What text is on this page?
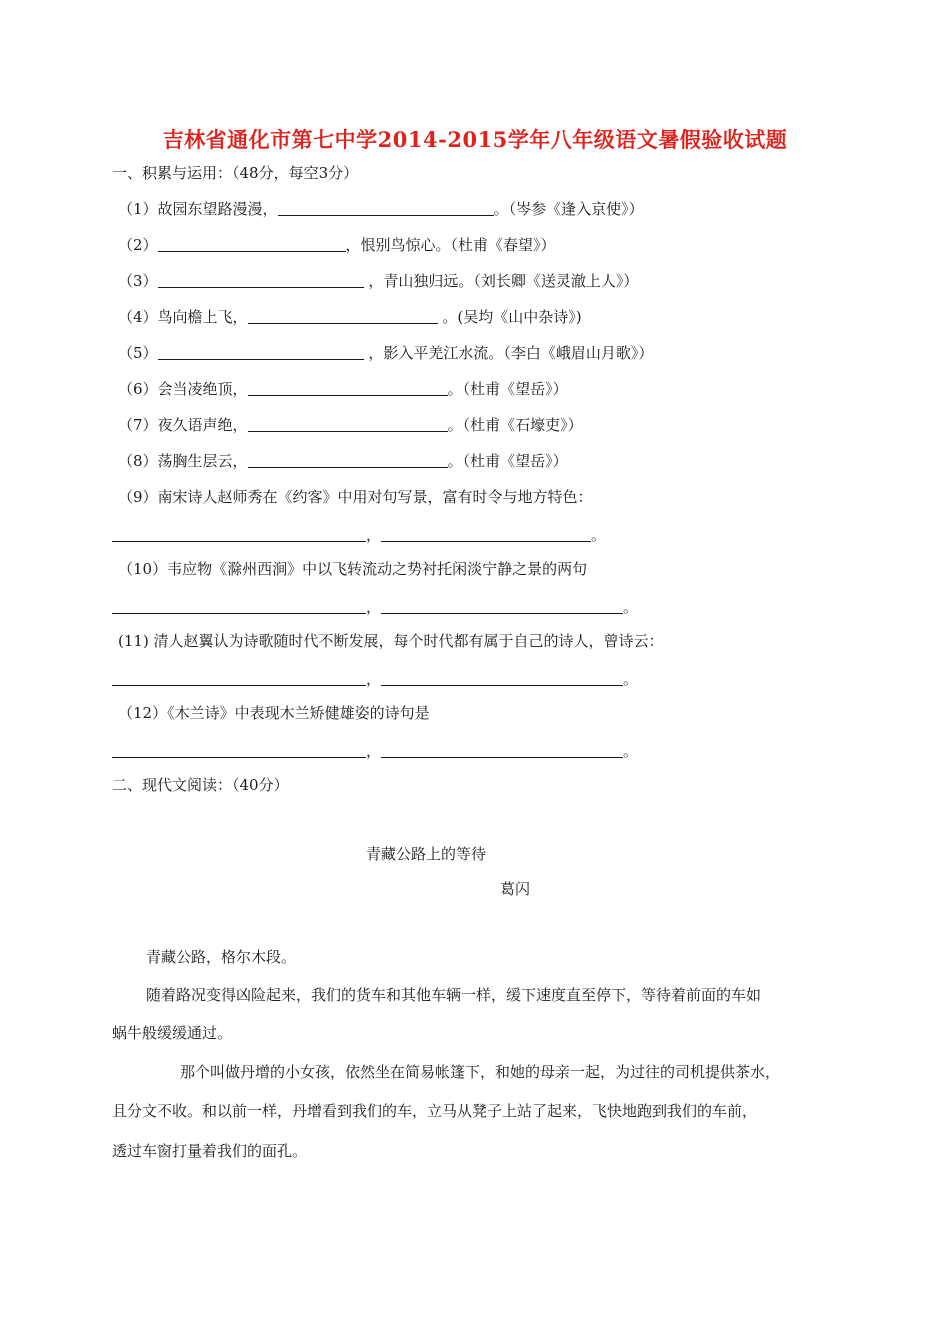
吉林省通化市第七中学2014-2015学年八年级语文暑假验收试题
一、积累与运用：（48分，每空3分）
（1）故园东望路漫漫，	。（岑参《逢入京使》）
（2）	，恨别鸟惊心。（杜甫《春望》）
（3）	，青山独归远。（刘长卿《送灵澈上人》）
（4）鸟向檐上飞，	。(吴均《山中杂诗》)
（5）	，影入平羌江水流。（李白《峨眉山月歌》）
（6）会当凌绝顶，	。（杜甫《望岳》）
（7）夜久语声绝，	。（杜甫《石壕吏》）
（8）荡胸生层云，	。（杜甫《望岳》）
（9）南宋诗人赵师秀在《约客》中用对句写景，富有时令与地方特色：
，	。
（10）韦应物《滁州西涧》中以飞转流动之势衬托闲淡宁静之景的两句
，	。
(11) 清人赵翼认为诗歌随时代不断发展，每个时代都有属于自己的诗人，曾诗云：
，	。
（12）《木兰诗》中表现木兰矫健雄姿的诗句是
，	。
二、现代文阅读：（40分）
青藏公路上的等待
葛闪
青藏公路，格尔木段。
随着路况变得凶险起来，我们的货车和其他车辆一样，缓下速度直至停下，等待着前面的车如
蜗牛般缓缓通过。
那个叫做丹增的小女孩，依然坐在简易帐篷下，和她的母亲一起，为过往的司机提供茶水，
且分文不收。和以前一样，丹增看到我们的车，立马从凳子上站了起来，飞快地跑到我们的车前，
透过车窗打量着我们的面孔。
